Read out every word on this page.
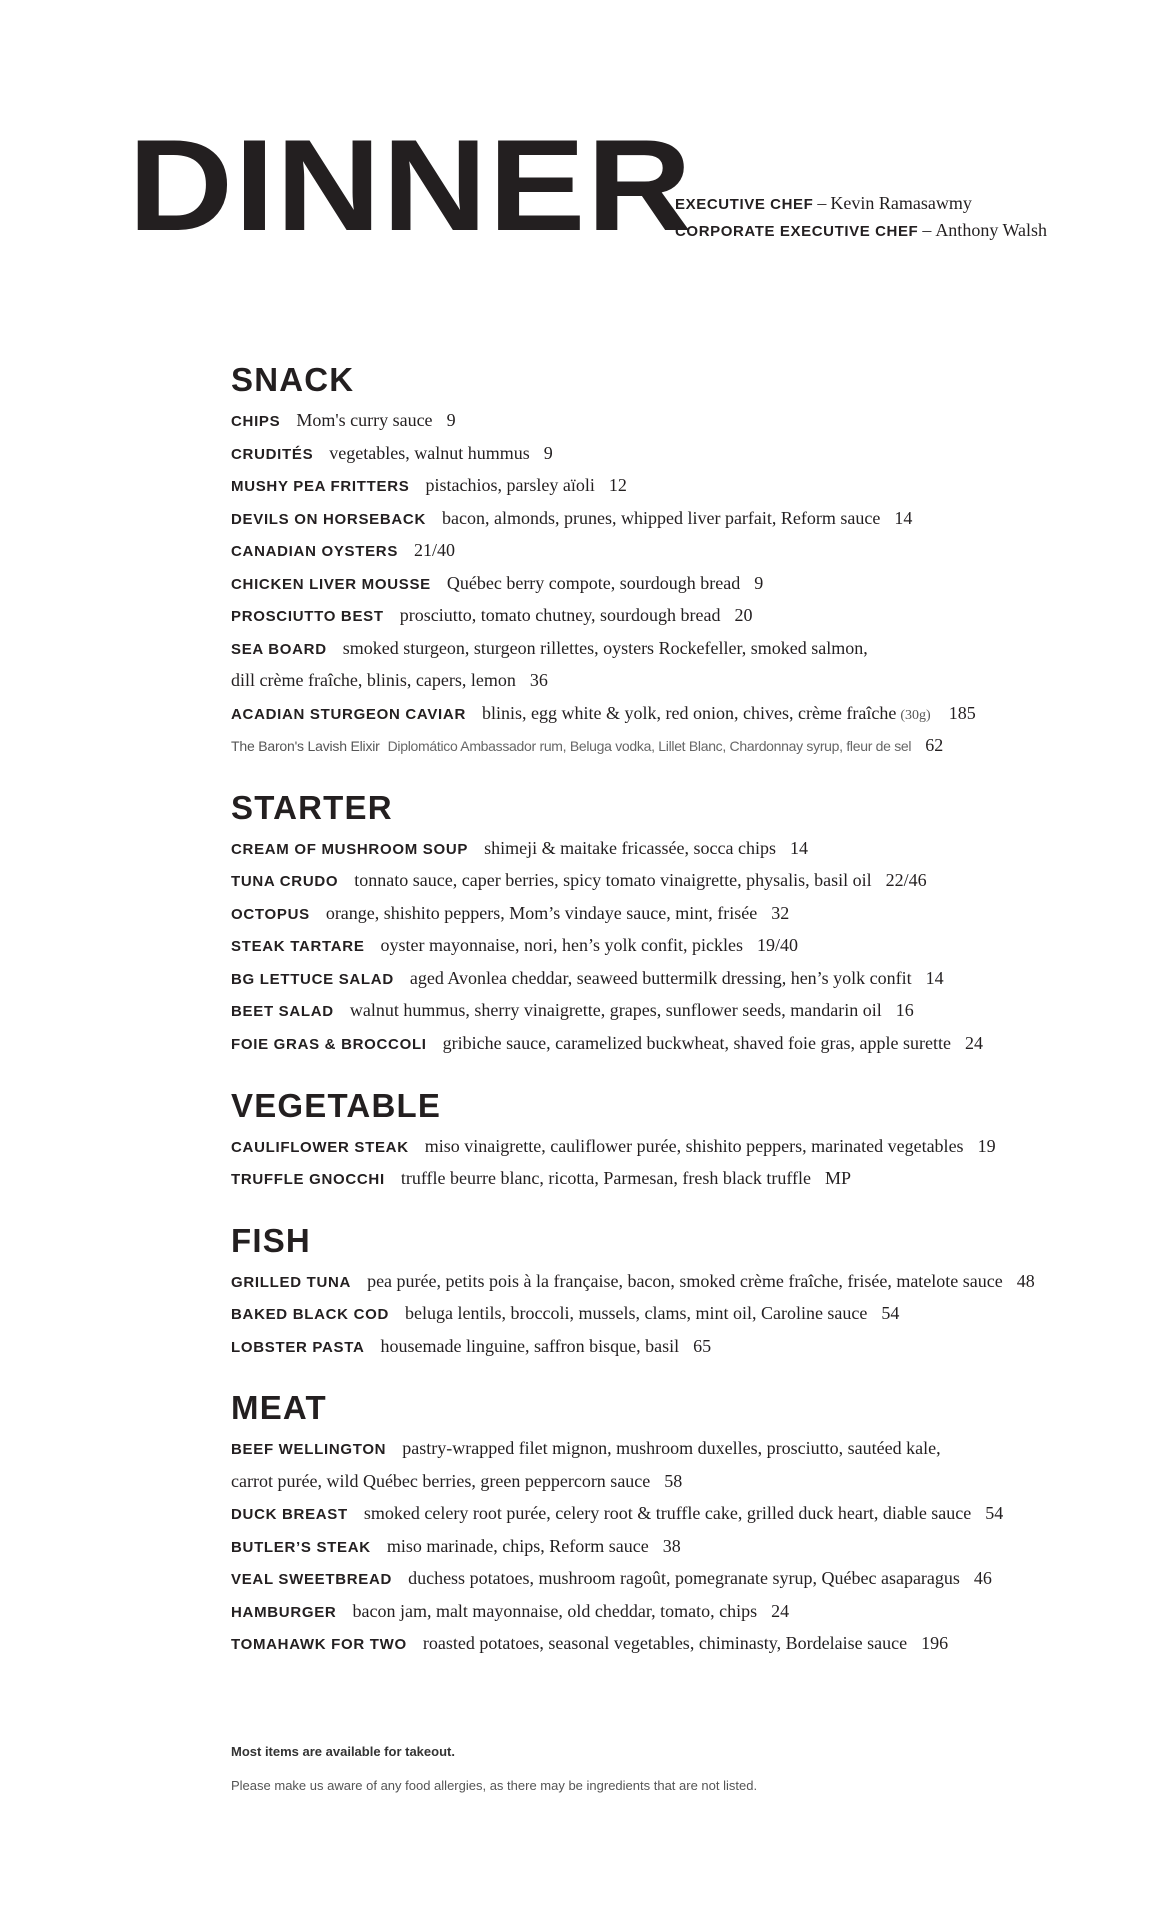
DINNER
EXECUTIVE CHEF – Kevin Ramasawmy
CORPORATE EXECUTIVE CHEF – Anthony Walsh
SNACK
CHIPS Mom's curry sauce 9
CRUDITÉS vegetables, walnut hummus 9
MUSHY PEA FRITTERS pistachios, parsley aïoli 12
DEVILS ON HORSEBACK bacon, almonds, prunes, whipped liver parfait, Reform sauce 14
CANADIAN OYSTERS 21/40
CHICKEN LIVER MOUSSE Québec berry compote, sourdough bread 9
PROSCIUTTO BEST prosciutto, tomato chutney, sourdough bread 20
SEA BOARD smoked sturgeon, sturgeon rillettes, oysters Rockefeller, smoked salmon,
dill crème fraîche, blinis, capers, lemon 36
ACADIAN STURGEON CAVIAR blinis, egg white & yolk, red onion, chives, crème fraîche (30g) 185
The Baron's Lavish Elixir Diplomático Ambassador rum, Beluga vodka, Lillet Blanc, Chardonnay syrup, fleur de sel 62
STARTER
CREAM OF MUSHROOM SOUP shimeji & maitake fricassée, socca chips 14
TUNA CRUDO tonnato sauce, caper berries, spicy tomato vinaigrette, physalis, basil oil 22/46
OCTOPUS orange, shishito peppers, Mom’s vindaye sauce, mint, frisée 32
STEAK TARTARE oyster mayonnaise, nori, hen’s yolk confit, pickles 19/40
BG LETTUCE SALAD aged Avonlea cheddar, seaweed buttermilk dressing, hen’s yolk confit 14
BEET SALAD walnut hummus, sherry vinaigrette, grapes, sunflower seeds, mandarin oil 16
FOIE GRAS & BROCCOLI gribiche sauce, caramelized buckwheat, shaved foie gras, apple surette 24
VEGETABLE
CAULIFLOWER STEAK miso vinaigrette, cauliflower purée, shishito peppers, marinated vegetables 19
TRUFFLE GNOCCHI truffle beurre blanc, ricotta, Parmesan, fresh black truffle MP
FISH
GRILLED TUNA pea purée, petits pois à la française, bacon, smoked crème fraîche, frisée, matelote sauce 48
BAKED BLACK COD beluga lentils, broccoli, mussels, clams, mint oil, Caroline sauce 54
LOBSTER PASTA housemade linguine, saffron bisque, basil 65
MEAT
BEEF WELLINGTON pastry-wrapped filet mignon, mushroom duxelles, prosciutto, sautéed kale,
carrot purée, wild Québec berries, green peppercorn sauce 58
DUCK BREAST smoked celery root purée, celery root & truffle cake, grilled duck heart, diable sauce 54
BUTLER’S STEAK miso marinade, chips, Reform sauce 38
VEAL SWEETBREAD duchess potatoes, mushroom ragoût, pomegranate syrup, Québec asaparagus 46
HAMBURGER bacon jam, malt mayonnaise, old cheddar, tomato, chips 24
TOMAHAWK FOR TWO roasted potatoes, seasonal vegetables, chiminasty, Bordelaise sauce 196
Most items are available for takeout.
Please make us aware of any food allergies, as there may be ingredients that are not listed.
